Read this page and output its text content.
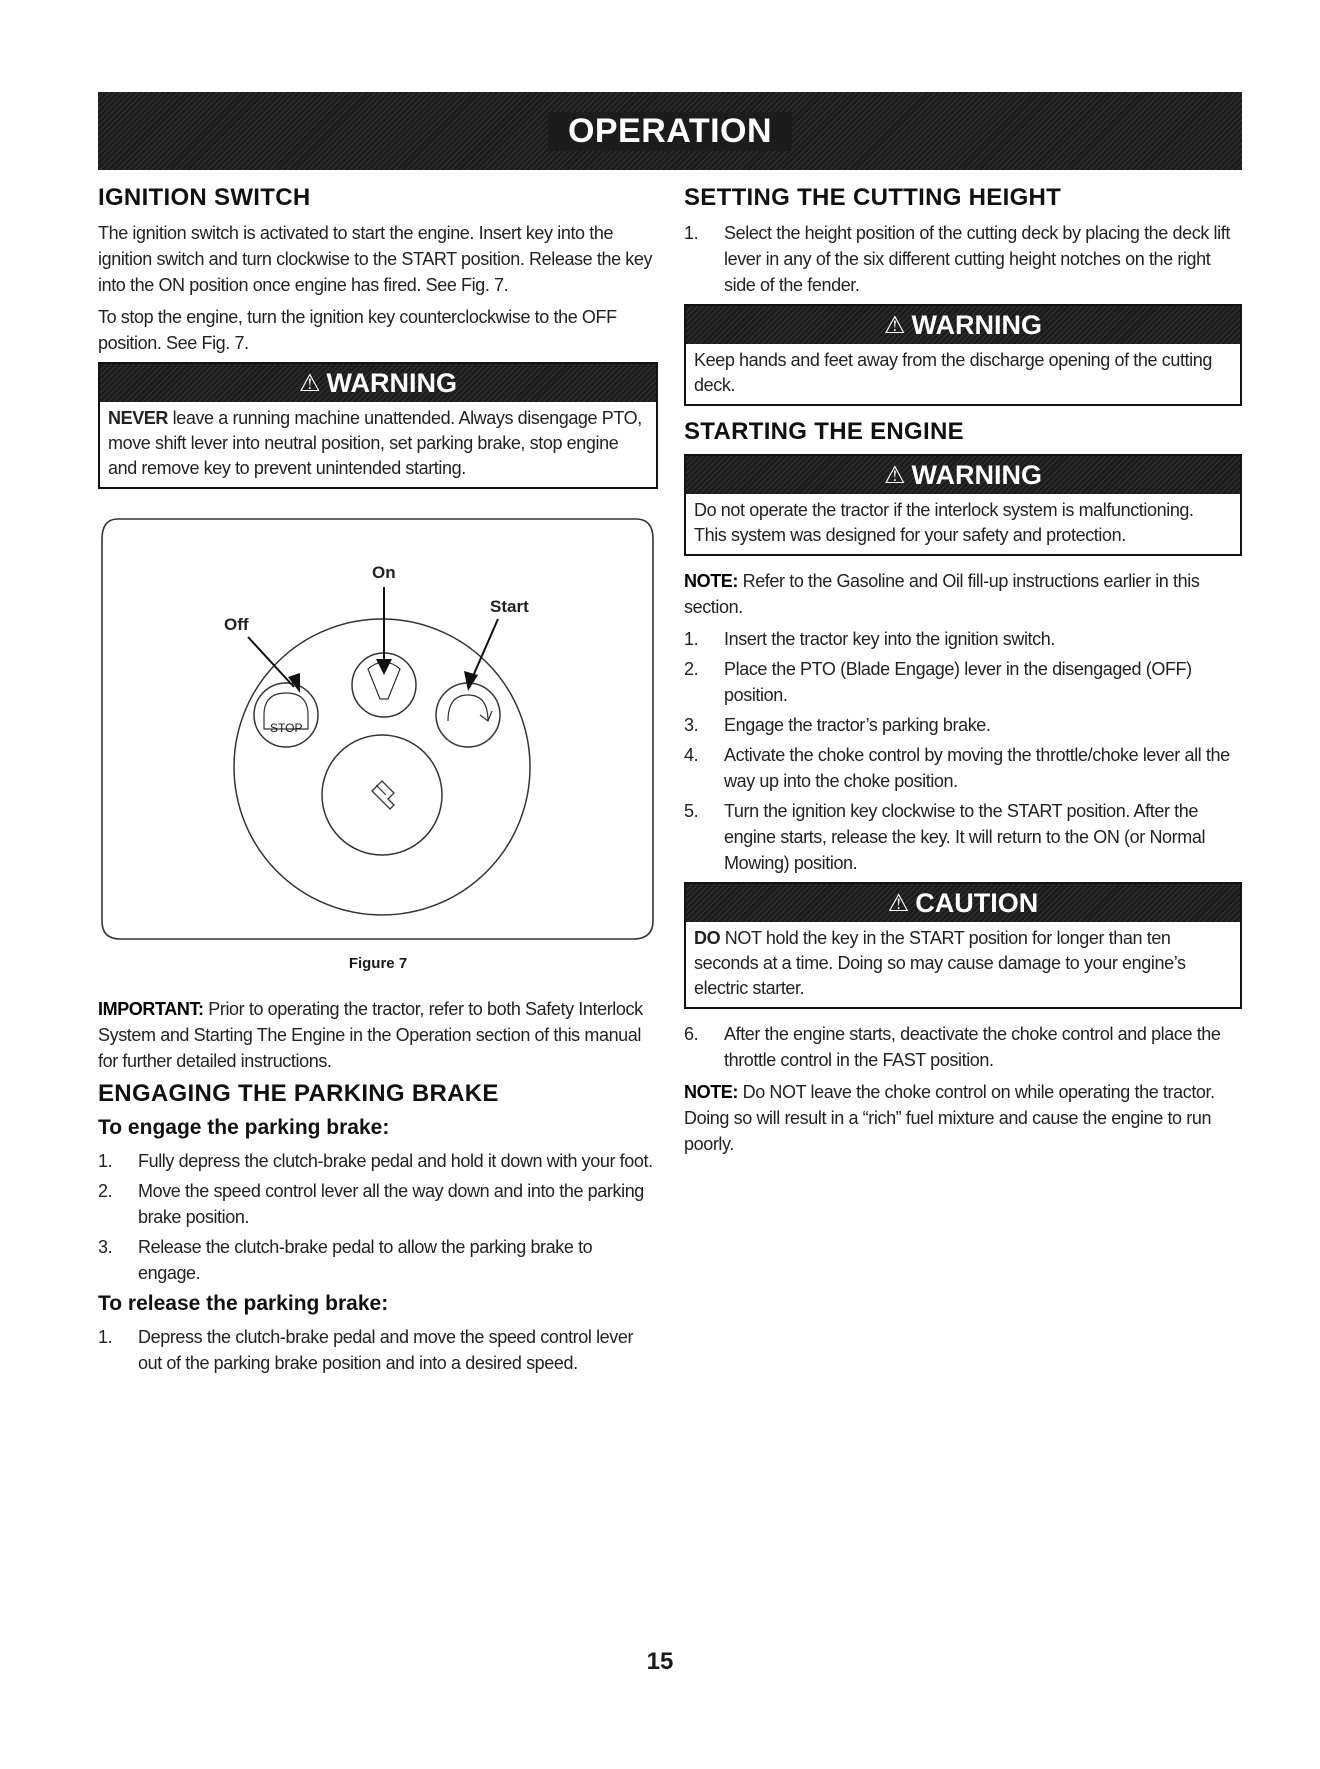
OPERATION
IGNITION SWITCH

The ignition switch is activated to start the engine. Insert key into the ignition switch and turn clockwise to the START position. Release the key into the ON position once engine has fired. See Fig. 7.

To stop the engine, turn the ignition key counterclockwise to the OFF position. See Fig. 7.

⚠ WARNING
NEVER leave a running machine unattended. Always disengage PTO, move shift lever into neutral position, set parking brake, stop engine and remove key to prevent unintended starting.
On
Off
Start
STOP
Figure 7

IMPORTANT: Prior to operating the tractor, refer to both Safety Interlock System and Starting The Engine in the Operation section of this manual for further detailed instructions.

ENGAGING THE PARKING BRAKE
To engage the parking brake:
1. Fully depress the clutch-brake pedal and hold it down with your foot.
2. Move the speed control lever all the way down and into the parking brake position.
3. Release the clutch-brake pedal to allow the parking brake to engage.
To release the parking brake:
1. Depress the clutch-brake pedal and move the speed control lever out of the parking brake position and into a desired speed.
SETTING THE CUTTING HEIGHT
1. Select the height position of the cutting deck by placing the deck lift lever in any of the six different cutting height notches on the right side of the fender.
⚠ WARNING
Keep hands and feet away from the discharge opening of the cutting deck.
STARTING THE ENGINE
⚠ WARNING
Do not operate the tractor if the interlock system is malfunctioning. This system was designed for your safety and protection.

NOTE: Refer to the Gasoline and Oil fill-up instructions earlier in this section.

1. Insert the tractor key into the ignition switch.
2. Place the PTO (Blade Engage) lever in the disengaged (OFF) position.
3. Engage the tractor’s parking brake.
4. Activate the choke control by moving the throttle/choke lever all the way up into the choke position.
5. Turn the ignition key clockwise to the START position. After the engine starts, release the key. It will return to the ON (or Normal Mowing) position.
⚠ CAUTION
DO NOT hold the key in the START position for longer than ten seconds at a time. Doing so may cause damage to your engine’s electric starter.
6. After the engine starts, deactivate the choke control and place the throttle control in the FAST position.

NOTE: Do NOT leave the choke control on while operating the tractor. Doing so will result in a “rich” fuel mixture and cause the engine to run poorly.

15
